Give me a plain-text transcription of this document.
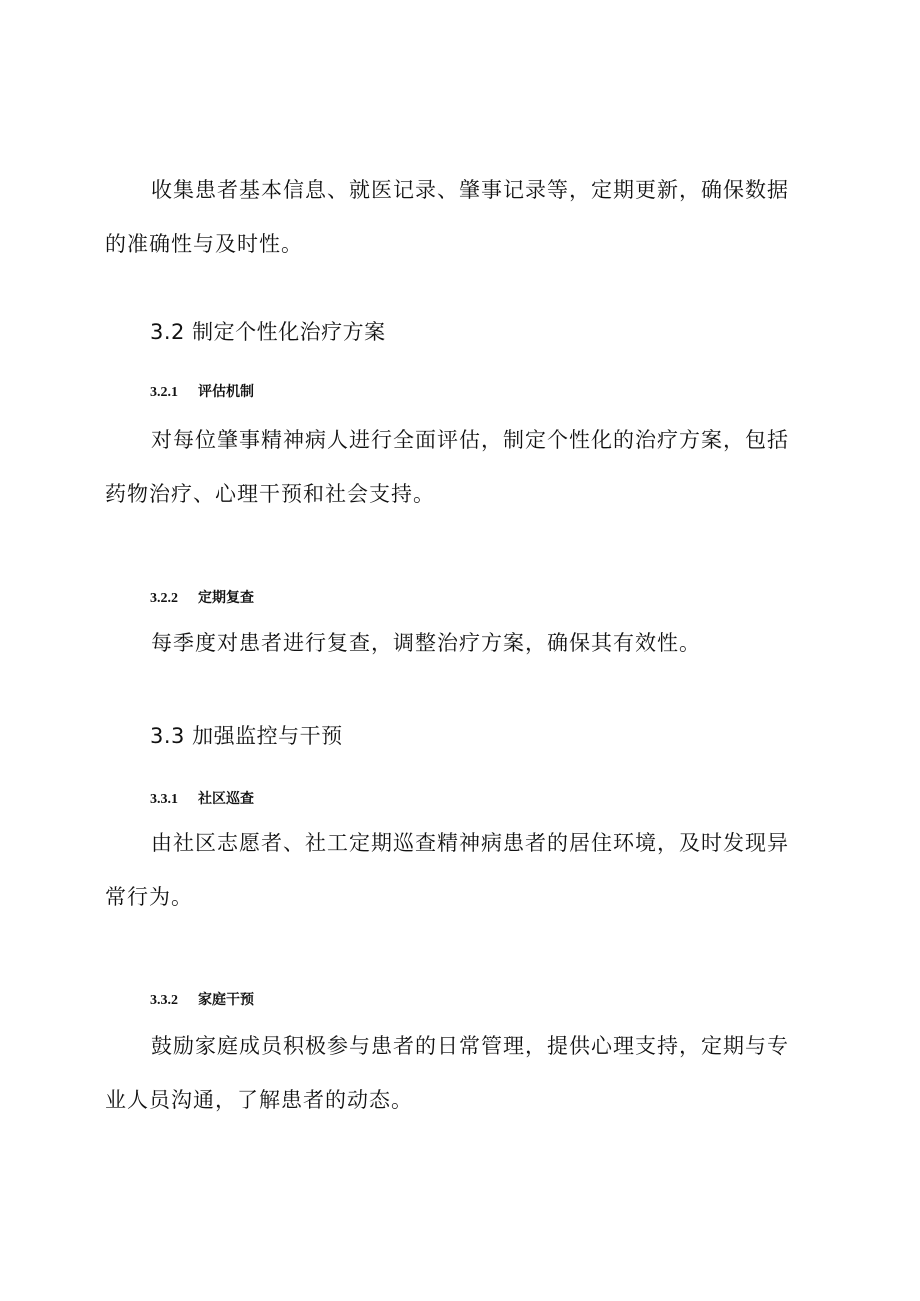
收集患者基本信息、就医记录、肇事记录等，定期更新，确保数据的准确性与及时性。

3.2 制定个性化治疗方案
3.2.1 评估机制

对每位肇事精神病人进行全面评估，制定个性化的治疗方案，包括药物治疗、心理干预和社会支持。

3.2.2 定期复查

每季度对患者进行复查，调整治疗方案，确保其有效性。

3.3 加强监控与干预
3.3.1 社区巡查

由社区志愿者、社工定期巡查精神病患者的居住环境，及时发现异常行为。

3.3.2 家庭干预

鼓励家庭成员积极参与患者的日常管理，提供心理支持，定期与专业人员沟通，了解患者的动态。
